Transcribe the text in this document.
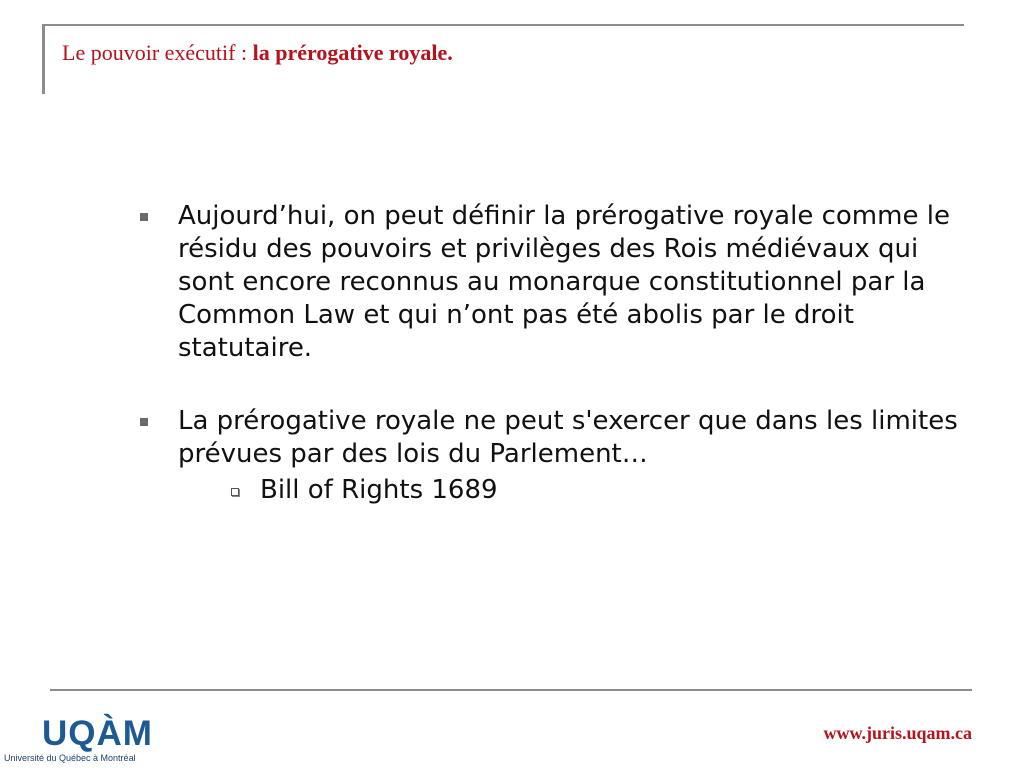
Le pouvoir exécutif : la prérogative royale.
Aujourd’hui, on peut définir la prérogative royale comme le résidu des pouvoirs et privilèges des Rois médiévaux qui sont encore reconnus au monarque constitutionnel par la Common Law et qui n’ont pas été abolis par le droit statutaire.
La prérogative royale ne peut s'exercer que dans les limites prévues par des lois du Parlement…
Bill of Rights 1689
UQÀM
Université du Québec à Montréal
www.juris.uqam.ca
